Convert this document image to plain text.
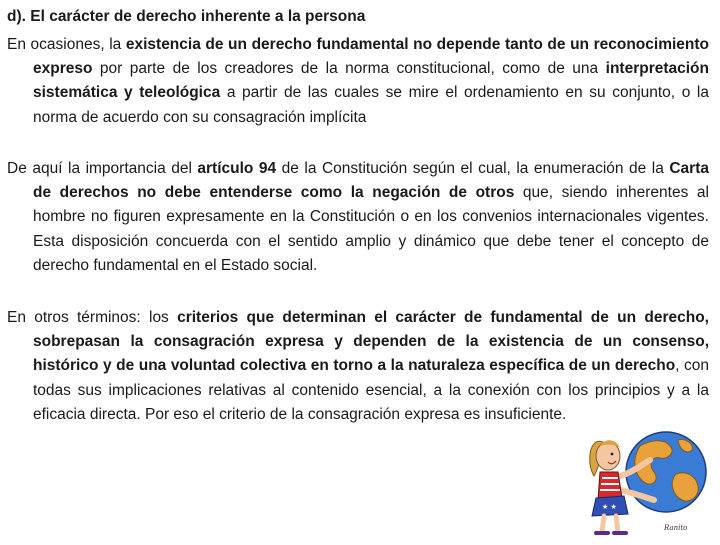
d). El carácter de derecho inherente a la persona

En ocasiones, la existencia de un derecho fundamental no depende tanto de un reconocimiento expreso por parte de los creadores de la norma constitucional, como de una interpretación sistemática y teleológica a partir de las cuales se mire el ordenamiento en su conjunto, o la norma de acuerdo con su consagración implícita

De aquí la importancia del artículo 94 de la Constitución según el cual, la enumeración de la Carta de derechos no debe entenderse como la negación de otros que, siendo inherentes al hombre no figuren expresamente en la Constitución o en los convenios internacionales vigentes. Esta disposición concuerda con el sentido amplio y dinámico que debe tener el concepto de derecho fundamental en el Estado social.

En otros términos: los criterios que determinan el carácter de fundamental de un derecho, sobrepasan la consagración expresa y dependen de la existencia de un consenso, histórico y de una voluntad colectiva en torno a la naturaleza específica de un derecho, con todas sus implicaciones relativas al contenido esencial, a la conexión con los principios y a la eficacia directa. Por eso el criterio de la consagración expresa es insuficiente.

★ ★
Ranito
